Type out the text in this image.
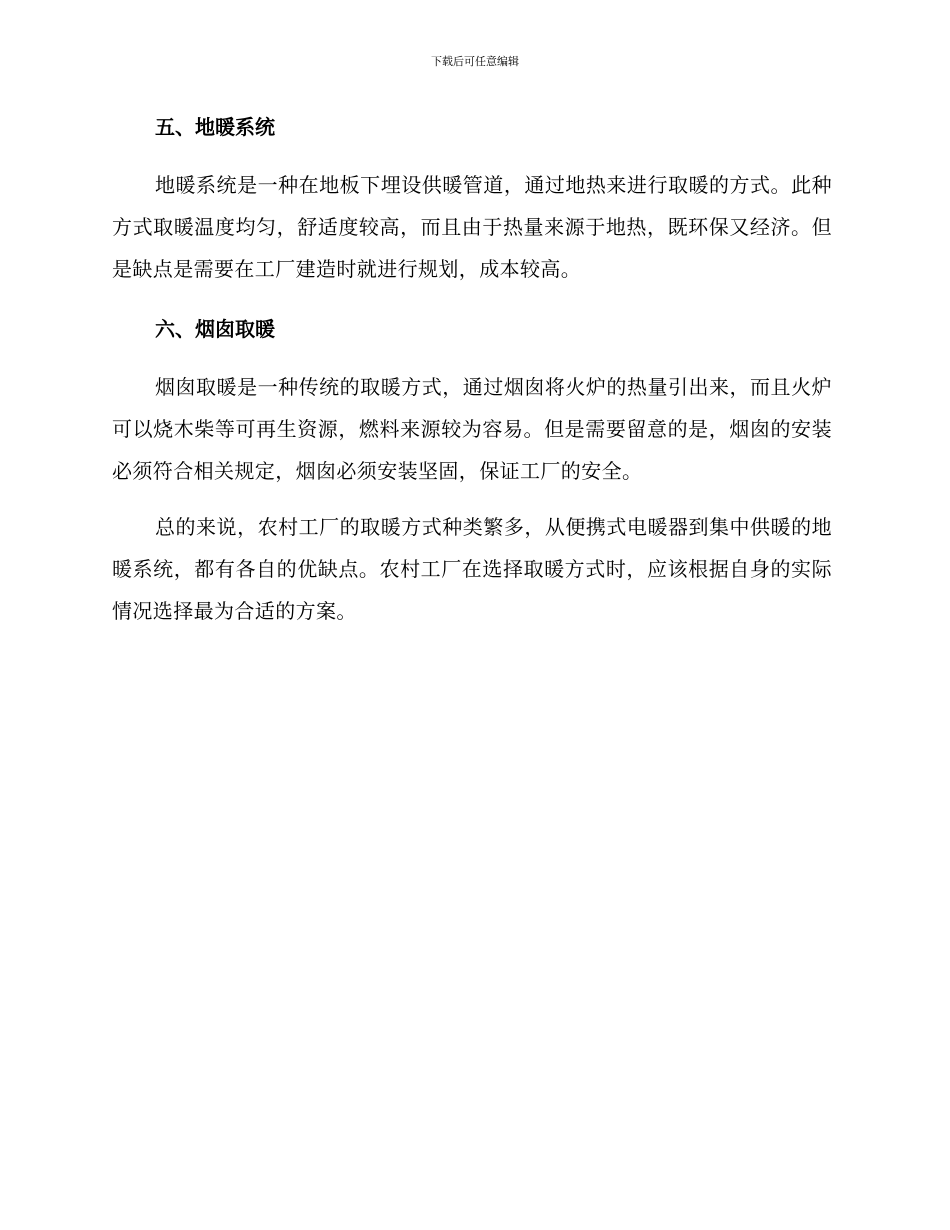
下载后可任意编辑
五、地暖系统

地暖系统是一种在地板下埋设供暖管道，通过地热来进行取暖的方式。此种方式取暖温度均匀，舒适度较高，而且由于热量来源于地热，既环保又经济。但是缺点是需要在工厂建造时就进行规划，成本较高。

六、烟囱取暖

烟囱取暖是一种传统的取暖方式，通过烟囱将火炉的热量引出来，而且火炉可以烧木柴等可再生资源，燃料来源较为容易。但是需要留意的是，烟囱的安装必须符合相关规定，烟囱必须安装坚固，保证工厂的安全。

总的来说，农村工厂的取暖方式种类繁多，从便携式电暖器到集中供暖的地暖系统，都有各自的优缺点。农村工厂在选择取暖方式时，应该根据自身的实际情况选择最为合适的方案。
